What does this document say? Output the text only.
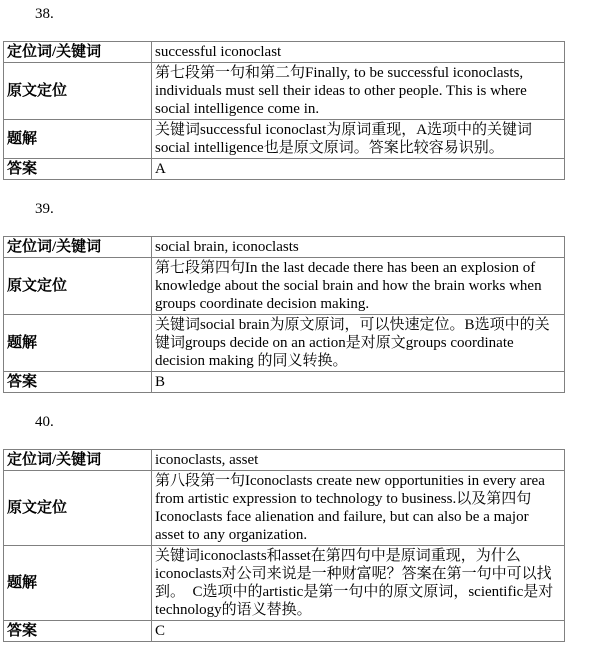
38.
定位词/关键词	successful iconoclast
原文定位	第七段第一句和第二句Finally, to be successful iconoclasts, individuals must sell their ideas to other people. This is where social intelligence come in.
题解	关键词successful iconoclast为原词重现，A选项中的关键词social intelligence也是原文原词。答案比较容易识别。
答案	A
39.
定位词/关键词	social brain, iconoclasts
原文定位	第七段第四句In the last decade there has been an explosion of knowledge about the social brain and how the brain works when groups coordinate decision making.
题解	关键词social brain为原文原词，可以快速定位。B选项中的关键词groups decide on an action是对原文groups coordinate decision making 的同义转换。
答案	B
40.
定位词/关键词	iconoclasts, asset
原文定位	第八段第一句Iconoclasts create new opportunities in every area from artistic expression to technology to business.以及第四句 Iconoclasts face alienation and failure, but can also be a major asset to any organization.
题解	关键词iconoclasts和asset在第四句中是原词重现，为什么iconoclasts对公司来说是一种财富呢？答案在第一句中可以找到。　C选项中的artistic是第一句中的原文原词，scientific是对technology的语义替换。
答案	C
